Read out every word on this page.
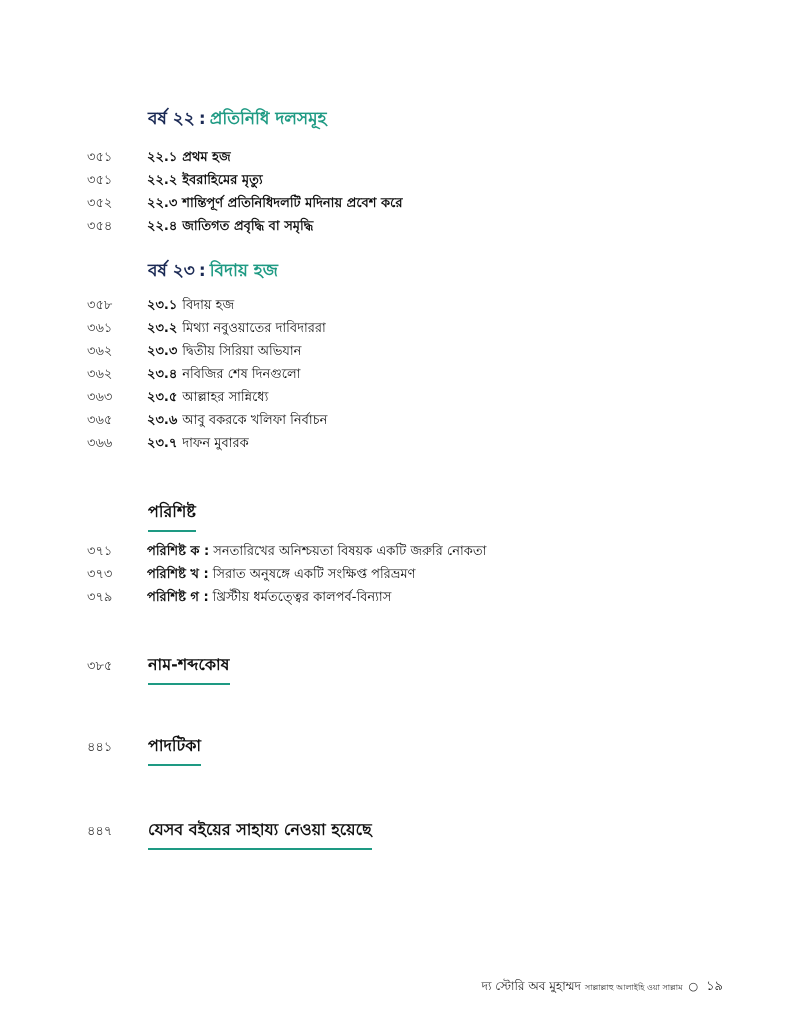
বর্ষ ২২ : প্রতিনিধি দলসমূহ
৩৫১	২২.১ প্রথম হজ
৩৫১	২২.২ ইবরাহিমের মৃত্যু
৩৫২	২২.৩ শান্তিপূর্ণ প্রতিনিধিদলটি মদিনায় প্রবেশ করে
৩৫৪	২২.৪ জাতিগত প্রবৃদ্ধি বা সমৃদ্ধি
বর্ষ ২৩ : বিদায় হজ
৩৫৮	২৩.১ বিদায় হজ
৩৬১	২৩.২ মিথ্যা নবুওয়াতের দাবিদাররা
৩৬২	২৩.৩ দ্বিতীয় সিরিয়া অভিযান
৩৬২	২৩.৪ নবিজির শেষ দিনগুলো
৩৬৩	২৩.৫ আল্লাহর সান্নিধ্যে
৩৬৫	২৩.৬ আবু বকরকে খলিফা নির্বাচন
৩৬৬	২৩.৭ দাফন মুবারক
পরিশিষ্ট
৩৭১	পরিশিষ্ট ক : সনতারিখের অনিশ্চয়তা বিষয়ক একটি জরুরি নোকতা
৩৭৩	পরিশিষ্ট খ : সিরাত অনুষঙ্গে একটি সংক্ষিপ্ত পরিভ্রমণ
৩৭৯	পরিশিষ্ট গ : খ্রিস্টীয় ধর্মতত্ত্বের কালপর্ব-বিন্যাস
৩৮৫ নাম-শব্দকোষ
৪৪১ পাদটিকা
৪৪৭ যেসব বইয়ের সাহায্য নেওয়া হয়েছে
দ্য স্টোরি অব মুহাম্মদ সাল্লাল্লাহু আলাইহি ওয়া সাল্লাম ○ ১৯
